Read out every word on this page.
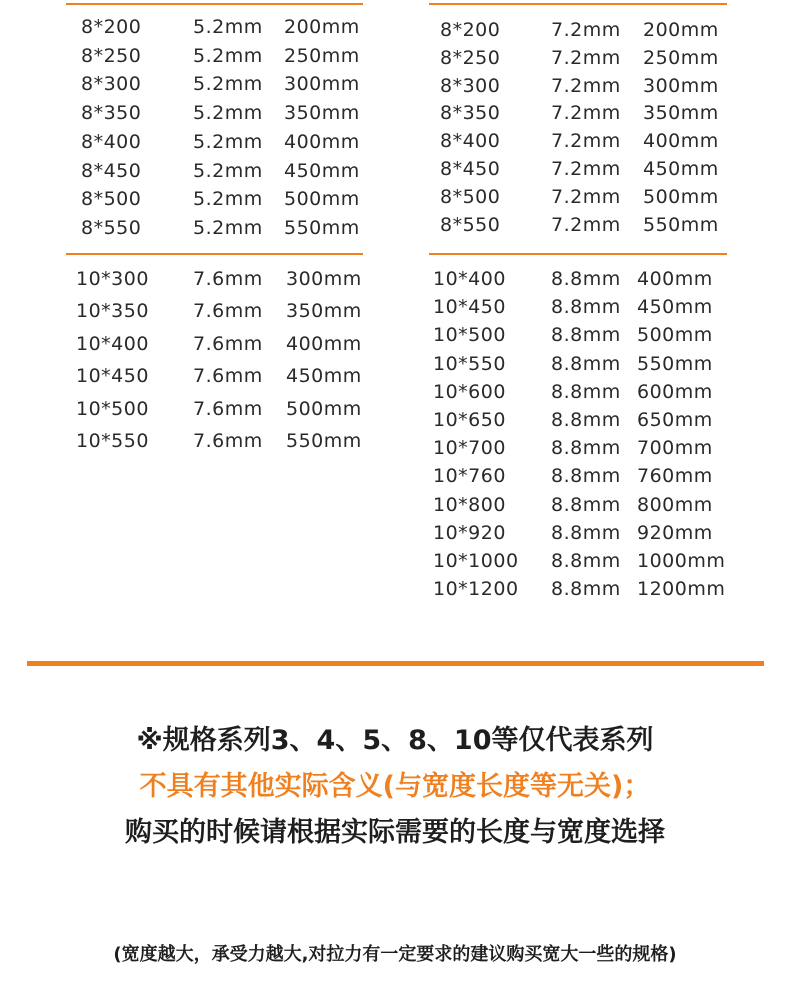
8*200	5.2mm 200mm
8*250	5.2mm 250mm
8*300	5.2mm 300mm
8*350	5.2mm 350mm
8*400	5.2mm 400mm
8*450	5.2mm 450mm
8*500	5.2mm 500mm
8*550	5.2mm 550mm
8*200	7.2mm 200mm
8*250	7.2mm 250mm
8*300	7.2mm 300mm
8*350	7.2mm 350mm
8*400	7.2mm 400mm
8*450	7.2mm 450mm
8*500	7.2mm 500mm
8*550	7.2mm 550mm
10*300 7.6mm 300mm
10*350 7.6mm 350mm
10*400 7.6mm 400mm
10*450 7.6mm 450mm
10*500 7.6mm 500mm
10*550 7.6mm 550mm
10*400 8.8mm 400mm
10*450 8.8mm 450mm
10*500 8.8mm 500mm
10*550 8.8mm 550mm
10*600 8.8mm 600mm
10*650 8.8mm 650mm
10*700 8.8mm 700mm
10*760 8.8mm 760mm
10*800 8.8mm 800mm
10*920 8.8mm 920mm
10*1000 8.8mm 1000mm
10*1200 8.8mm 1200mm
※规格系列3、4、5、8、10等仅代表系列
不具有其他实际含义(与宽度长度等无关)；
购买的时候请根据实际需要的长度与宽度选择
(宽度越大，承受力越大,对拉力有一定要求的建议购买宽大一些的规格)
